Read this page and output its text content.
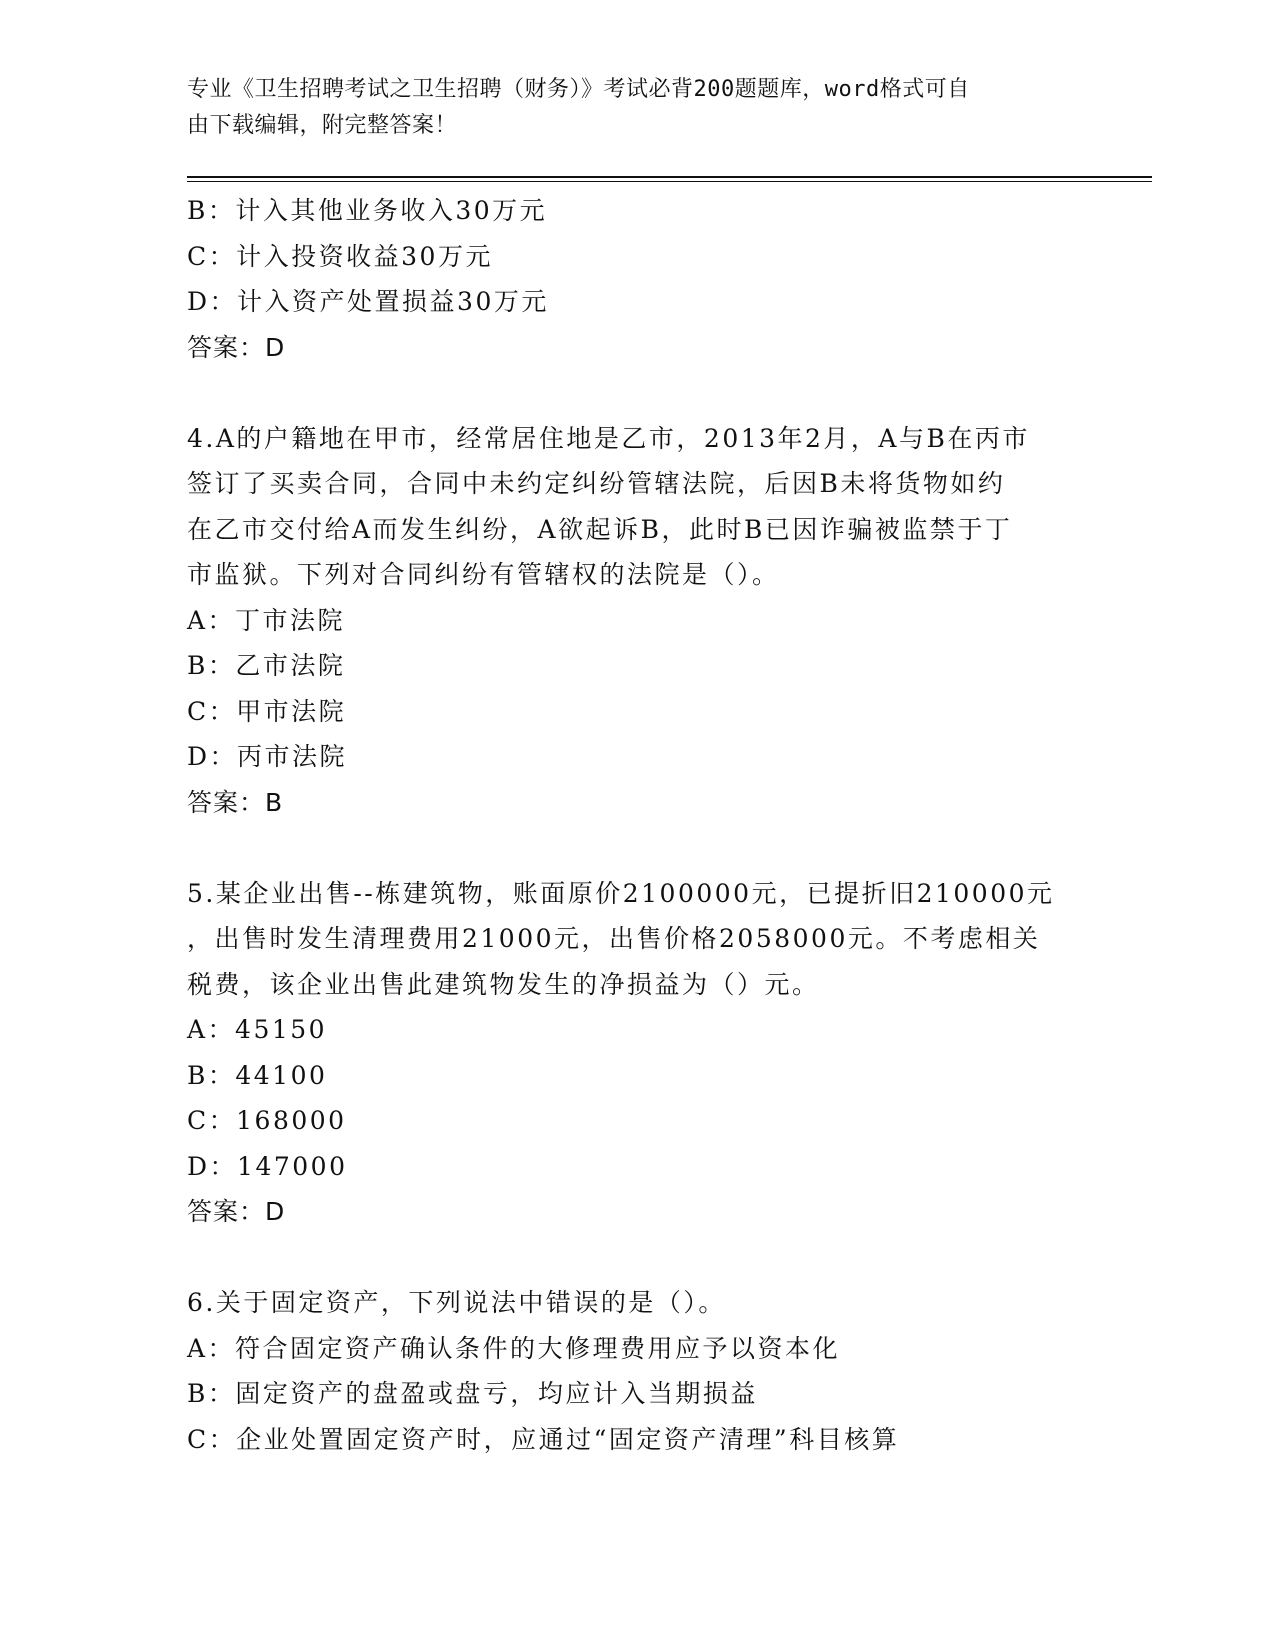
专业《卫生招聘考试之卫生招聘（财务）》考试必背200题题库，word格式可自
由下载编辑，附完整答案！
B：计入其他业务收入30万元
C：计入投资收益30万元
D：计入资产处置损益30万元
答案：D
4.A的户籍地在甲市，经常居住地是乙市，2013年2月，A与B在丙市
签订了买卖合同，合同中未约定纠纷管辖法院，后因B未将货物如约
在乙市交付给A而发生纠纷，A欲起诉B，此时B已因诈骗被监禁于丁
市监狱。下列对合同纠纷有管辖权的法院是（）。
A：丁市法院
B：乙市法院
C：甲市法院
D：丙市法院
答案：B
5.某企业出售--栋建筑物，账面原价2100000元，已提折旧210000元
，出售时发生清理费用21000元，出售价格2058000元。不考虑相关
税费，该企业出售此建筑物发生的净损益为（）元。
A：45150
B：44100
C：168000
D：147000
答案：D
6.关于固定资产，下列说法中错误的是（）。
A：符合固定资产确认条件的大修理费用应予以资本化
B：固定资产的盘盈或盘亏，均应计入当期损益
C：企业处置固定资产时，应通过“固定资产清理”科目核算
